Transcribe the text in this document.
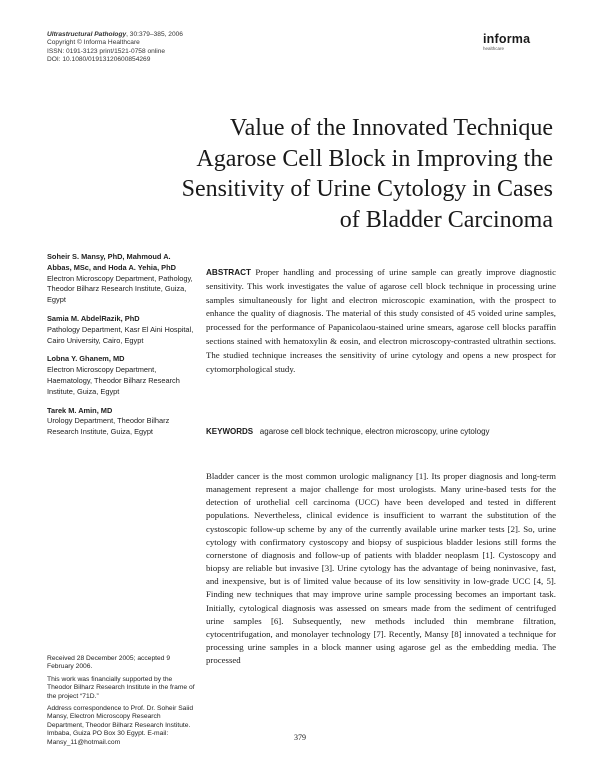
Ultrastructural Pathology, 30:379–385, 2006
Copyright © Informa Healthcare
ISSN: 0191-3123 print/1521-0758 online
DOI: 10.1080/01913120600854269
informa
healthcare
Value of the Innovated Technique
Agarose Cell Block in Improving the
Sensitivity of Urine Cytology in Cases
of Bladder Carcinoma
Soheir S. Mansy, PhD, Mahmoud A. Abbas, MSc, and Hoda A. Yehia, PhD
Electron Microscopy Department, Pathology, Theodor Bilharz Research Institute, Guiza, Egypt
Samia M. AbdelRazik, PhD
Pathology Department, Kasr El Aini Hospital, Cairo University, Cairo, Egypt
Lobna Y. Ghanem, MD
Electron Microscopy Department, Haematology, Theodor Bilharz Research Institute, Guiza, Egypt
Tarek M. Amin, MD
Urology Department, Theodor Bilharz Research Institute, Guiza, Egypt

Received 28 December 2005; accepted 9 February 2006.

This work was financially supported by the Theodor Bilharz Research Institute in the frame of the project “71D.”

Address correspondence to Prof. Dr. Soheir Saiid Mansy, Electron Microscopy Research Department, Theodor Bilharz Research Institute. Imbaba, Guiza PO Box 30 Egypt. E-mail: Mansy_11@hotmail.com

ABSTRACT Proper handling and processing of urine sample can greatly improve diagnostic sensitivity. This work investigates the value of agarose cell block technique in processing urine samples simultaneously for light and electron microscopic examination, with the prospect to enhance the quality of diagnosis. The material of this study consisted of 45 voided urine samples, processed for the performance of Papanicolaou-stained urine smears, agarose cell blocks paraffin sections stained with hematoxylin & eosin, and electron microscopy-contrasted ultrathin sections. The studied technique increases the sensitivity of urine cytology and opens a new prospect for cytomorphological study.
KEYWORDS agarose cell block technique, electron microscopy, urine cytology
Bladder cancer is the most common urologic malignancy [1]. Its proper diagnosis and long-term management represent a major challenge for most urologists. Many urine-based tests for the detection of urothelial cell carcinoma (UCC) have been developed and tested in different populations. Nevertheless, clinical evidence is insufficient to warrant the substitution of the cystoscopic follow-up scheme by any of the currently available urine marker tests [2]. So, urine cytology with confirmatory cystoscopy and biopsy of suspicious bladder lesions still forms the cornerstone of diagnosis and follow-up of patients with bladder neoplasm [1]. Cystoscopy and biopsy are reliable but invasive [3]. Urine cytology has the advantage of being noninvasive, fast, and inexpensive, but is of limited value because of its low sensitivity in low-grade UCC [4, 5]. Finding new techniques that may improve urine sample processing becomes an important task. Initially, cytological diagnosis was assessed on smears made from the sediment of centrifuged urine samples [6]. Subsequently, new methods included thin membrane filtration, cytocentrifugation, and monolayer technology [7]. Recently, Mansy [8] innovated a technique for processing urine samples in a block manner using agarose gel as the embedding media. The processed
379
